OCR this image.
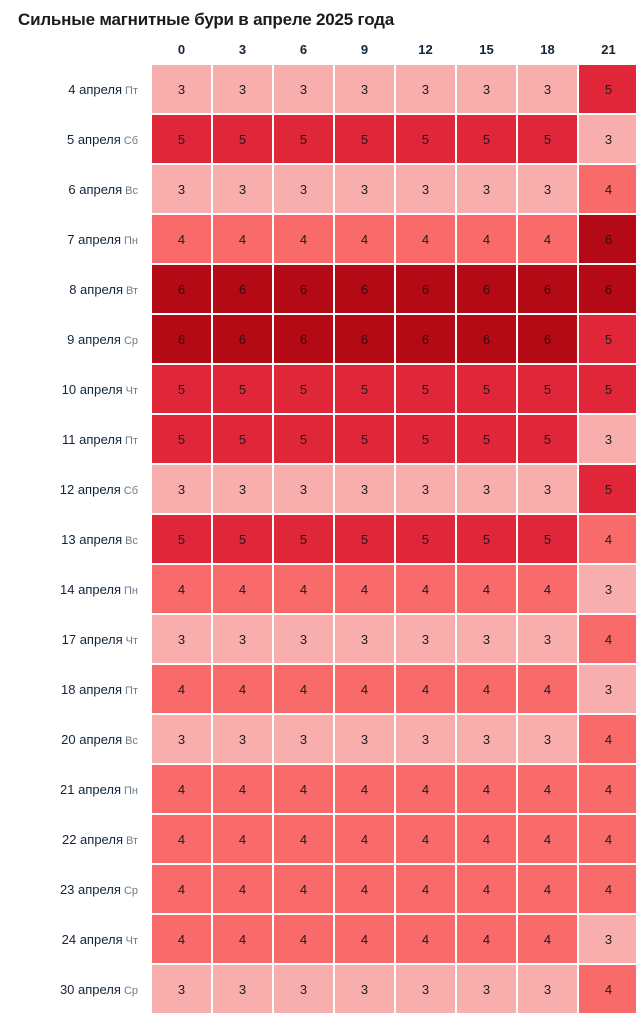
Сильные магнитные бури в апреле 2025 года
	0	3	6	9	12	15	18	21
4 апреля Пт	3	3	3	3	3	3	3	5
5 апреля Сб	5	5	5	5	5	5	5	3
6 апреля Вс	3	3	3	3	3	3	3	4
7 апреля Пн	4	4	4	4	4	4	4	6
8 апреля Вт	6	6	6	6	6	6	6	6
9 апреля Ср	6	6	6	6	6	6	6	5
10 апреля Чт	5	5	5	5	5	5	5	5
11 апреля Пт	5	5	5	5	5	5	5	3
12 апреля Сб	3	3	3	3	3	3	3	5
13 апреля Вс	5	5	5	5	5	5	5	4
14 апреля Пн	4	4	4	4	4	4	4	3
17 апреля Чт	3	3	3	3	3	3	3	4
18 апреля Пт	4	4	4	4	4	4	4	3
20 апреля Вс	3	3	3	3	3	3	3	4
21 апреля Пн	4	4	4	4	4	4	4	4
22 апреля Вт	4	4	4	4	4	4	4	4
23 апреля Ср	4	4	4	4	4	4	4	4
24 апреля Чт	4	4	4	4	4	4	4	3
30 апреля Ср	3	3	3	3	3	3	3	4
